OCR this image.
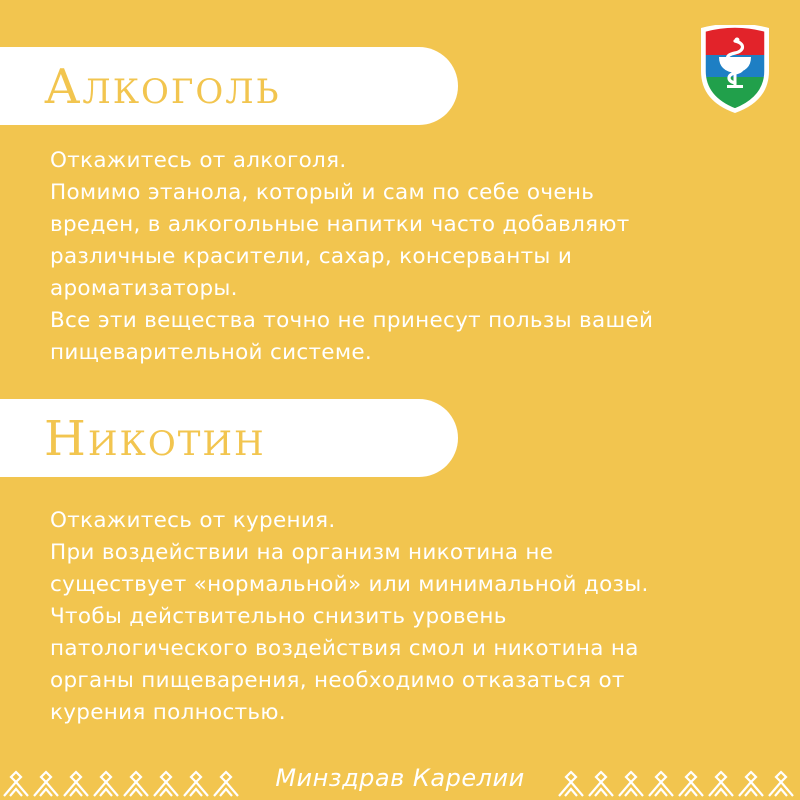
Алкоголь
Откажитесь от алкоголя.
Помимо этанола, который и сам по себе очень
вреден, в алкогольные напитки часто добавляют
различные красители, сахар, консерванты и
ароматизаторы.
Все эти вещества точно не принесут пользы вашей
пищеварительной системе.
Никотин
Откажитесь от курения.
При воздействии на организм никотина не
существует «нормальной» или минимальной дозы.
Чтобы действительно снизить уровень
патологического воздействия смол и никотина на
органы пищеварения, необходимо отказаться от
курения полностью.
Минздрав Карелии
